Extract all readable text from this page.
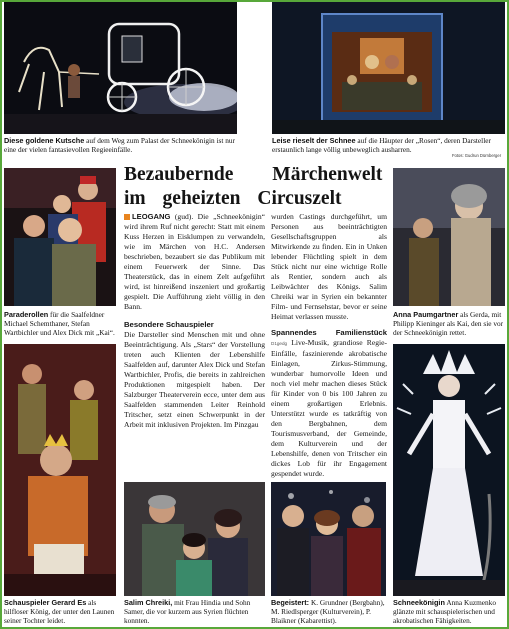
Diese goldene Kutsche auf dem Weg zum Palast der Schneekönigin ist nur eine der vielen fantasievollen Regieeinfälle.
Leise rieselt der Schnee auf die Häupter der „Rosen“, deren Darsteller erstaunlich lange völlig unbeweglich ausharren.
Fotos: Gudrun Dürnberger
Bezaubernde Märchenwelt
im geheizten Circuszelt
Paraderollen für die Saalfeldner Michael Schemthaner, Stefan Wartbichler und Alex Dick mit „Kai“.

LEOGANG (gud). Die „Schneekönigin“ wird ihrem Ruf nicht gerecht: Statt mit einem Kuss Herzen in Eisklumpen zu verwandeln, wie im Märchen von H.C. Andersen beschrieben, bezaubert sie das Publikum mit einem Feuerwerk der Sinne. Das Theaterstück, das in einem Zelt aufgeführt wird, ist hinreißend inszeniert und großartig gespielt. Die Aufführung zieht völlig in den Bann.

Besondere Schauspieler

Die Darsteller sind Menschen mit und ohne Beeinträchtigung. Als „Stars“ der Vorstellung treten auch Klienten der Lebenshilfe Saalfelden auf, darunter Alex Dick und Stefan Wartbichler, Profis, die bereits in zahlreichen Produktionen mitgespielt haben. Der Salzburger Theaterverein ecce, unter dem aus Saalfelden stammenden Leiter Reinhold Tritscher, setzt einen Schwerpunkt in der Arbeit mit inklusiven Projekten. Im Pinzgau

wurden Castings durchgeführt, um Personen aus beeinträchtigten Gesellschaftsgruppen als Mitwirkende zu finden. Ein in Unken lebender Flüchtling spielt in dem Stück nicht nur eine wichtige Rolle als Rentier, sondern auch als Leibwächter des Königs. Salim Chreiki war in Syrien ein bekannter Film- und Fernsehstar, bevor er seine Heimat verlassen musste.

Spannendes Familienstück D1gedg Live-Musik, grandiose Regie-Einfälle, faszinierende akrobatische Einlagen, Zirkus-Stimmung, wunderbar humorvolle Ideen und noch viel mehr machen dieses Stück für Kinder von 0 bis 100 Jahren zu einem großartigen Erlebnis. Unterstützt wurde es tatkräftig von den Bergbahnen, dem Tourismusverband, der Gemeinde, dem Kulturverein und der Lebenshilfe, denen von Tritscher ein dickes Lob für ihr Engagement gespendet wurde.

Anna Paumgartner als Gerda, mit Philipp Kieninger als Kai, den sie vor der Schneekönigin rettet.
Schauspieler Gerard Es als hilfloser König, der unter den Launen seiner Tochter leidet.
Salim Chreiki, mit Frau Hindia und Sohn Samer, die vor kurzem aus Syrien flüchten konnten.
Begeistert: K. Grundner (Bergbahn), M. Riedlsperger (Kulturverein), P. Blaikner (Kabarettist).
Schneekönigin Anna Kuzmenko glänzte mit schauspielerischen und akrobatischen Fähigkeiten.
